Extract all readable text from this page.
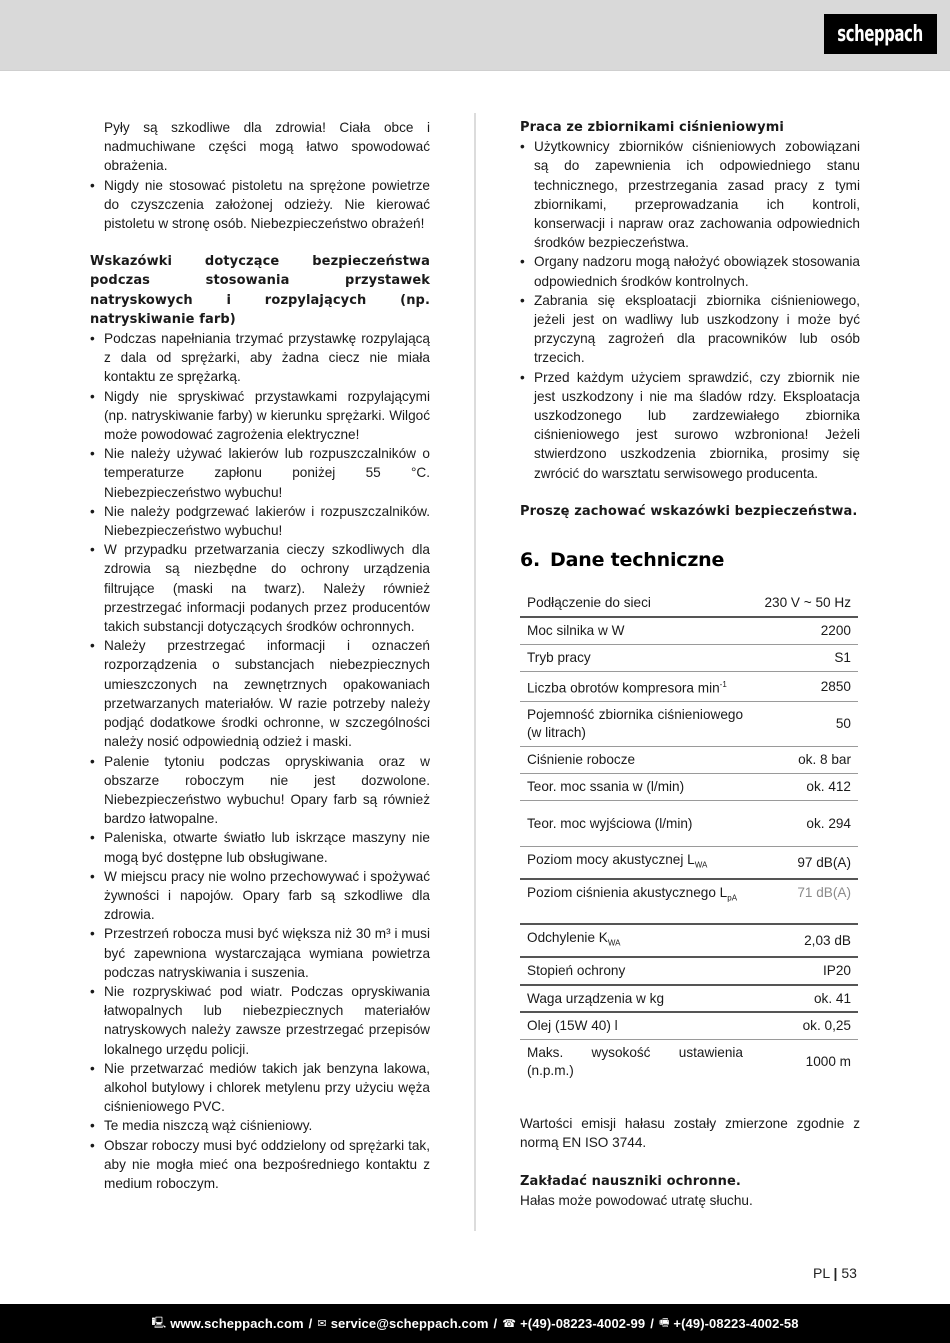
scheppach

Pyły są szkodliwe dla zdrowia! Ciała obce i nadmuchiwane części mogą łatwo spowodować obrażenia.

• Nigdy nie stosować pistoletu na sprężone powietrze do czyszczenia założonej odzieży. Nie kierować pistoletu w stronę osób. Niebezpieczeństwo obrażeń!

Wskazówki dotyczące bezpieczeństwa podczas stosowania przystawek natryskowych i rozpylających (np. natryskiwanie farb)

• Podczas napełniania trzymać przystawkę rozpylającą z dala od sprężarki, aby żadna ciecz nie miała kontaktu ze sprężarką.
• Nigdy nie spryskiwać przystawkami rozpylającymi (np. natryskiwanie farby) w kierunku sprężarki. Wilgoć może powodować zagrożenia elektryczne!
• Nie należy używać lakierów lub rozpuszczalników o temperaturze zapłonu poniżej 55 °C. Niebezpieczeństwo wybuchu!
• Nie należy podgrzewać lakierów i rozpuszczalników. Niebezpieczeństwo wybuchu!
• W przypadku przetwarzania cieczy szkodliwych dla zdrowia są niezbędne do ochrony urządzenia filtrujące (maski na twarz). Należy również przestrzegać informacji podanych przez producentów takich substancji dotyczących środków ochronnych.
• Należy przestrzegać informacji i oznaczeń rozporządzenia o substancjach niebezpiecznych umieszczonych na zewnętrznych opakowaniach przetwarzanych materiałów. W razie potrzeby należy podjąć dodatkowe środki ochronne, w szczególności należy nosić odpowiednią odzież i maski.
• Palenie tytoniu podczas opryskiwania oraz w obszarze roboczym nie jest dozwolone. Niebezpieczeństwo wybuchu! Opary farb są również bardzo łatwopalne.
• Paleniska, otwarte światło lub iskrzące maszyny nie mogą być dostępne lub obsługiwane.
• W miejscu pracy nie wolno przechowywać i spożywać żywności i napojów. Opary farb są szkodliwe dla zdrowia.
• Przestrzeń robocza musi być większa niż 30 m³ i musi być zapewniona wystarczająca wymiana powietrza podczas natryskiwania i suszenia.
• Nie rozpryskiwać pod wiatr. Podczas opryskiwania łatwopalnych lub niebezpiecznych materiałów natryskowych należy zawsze przestrzegać przepisów lokalnego urzędu policji.
• Nie przetwarzać mediów takich jak benzyna lakowa, alkohol butylowy i chlorek metylenu przy użyciu węża ciśnieniowego PVC.
• Te media niszczą wąż ciśnieniowy.
• Obszar roboczy musi być oddzielony od sprężarki tak, aby nie mogła mieć ona bezpośredniego kontaktu z medium roboczym.

Praca ze zbiornikami ciśnieniowymi

• Użytkownicy zbiorników ciśnieniowych zobowiązani są do zapewnienia ich odpowiedniego stanu technicznego, przestrzegania zasad pracy z tymi zbiornikami, przeprowadzania ich kontroli, konserwacji i napraw oraz zachowania odpowiednich środków bezpieczeństwa.
• Organy nadzoru mogą nałożyć obowiązek stosowania odpowiednich środków kontrolnych.
• Zabrania się eksploatacji zbiornika ciśnieniowego, jeżeli jest on wadliwy lub uszkodzony i może być przyczyną zagrożeń dla pracowników lub osób trzecich.
• Przed każdym użyciem sprawdzić, czy zbiornik nie jest uszkodzony i nie ma śladów rdzy. Eksploatacja uszkodzonego lub zardzewiałego zbiornika ciśnieniowego jest surowo wzbroniona! Jeżeli stwierdzono uszkodzenia zbiornika, prosimy się zwrócić do warsztatu serwisowego producenta.

Proszę zachować wskazówki bezpieczeństwa.

6. Dane techniczne
Podłączenie do sieci	230 V ~ 50 Hz
Moc silnika w W	2200
Tryb pracy	S1
Liczba obrotów kompresora $\min^{-1}$	2850
Pojemność zbiornika ciśnieniowego (w litrach)	50
Ciśnienie robocze	ok. 8 bar
Teor. moc ssania w (l/min)	ok. 412
Teor. moc wyjściowa (l/min)	ok. 294
Poziom mocy akustycznej $L_{WA}$	97 dB(A)
Poziom ciśnienia akustycznego $L_{pA}$	71 dB(A)
Odchylenie $K_{WA}$	2,03 dB
Stopień ochrony	IP20
Waga urządzenia w kg	ok. 41
Olej (15W 40) l	ok. 0,25
Maks. wysokość ustawienia (n.p.m.)	1000 m

Wartości emisji hałasu zostały zmierzone zgodnie z normą EN ISO 3744.

Zakładać nauszniki ochronne.

Hałas może powodować utratę słuchu.

PL | 53
🖳 www.scheppach.com / ✉ service@scheppach.com / ☎ +(49)-08223-4002-99 / 🖷 +(49)-08223-4002-58
